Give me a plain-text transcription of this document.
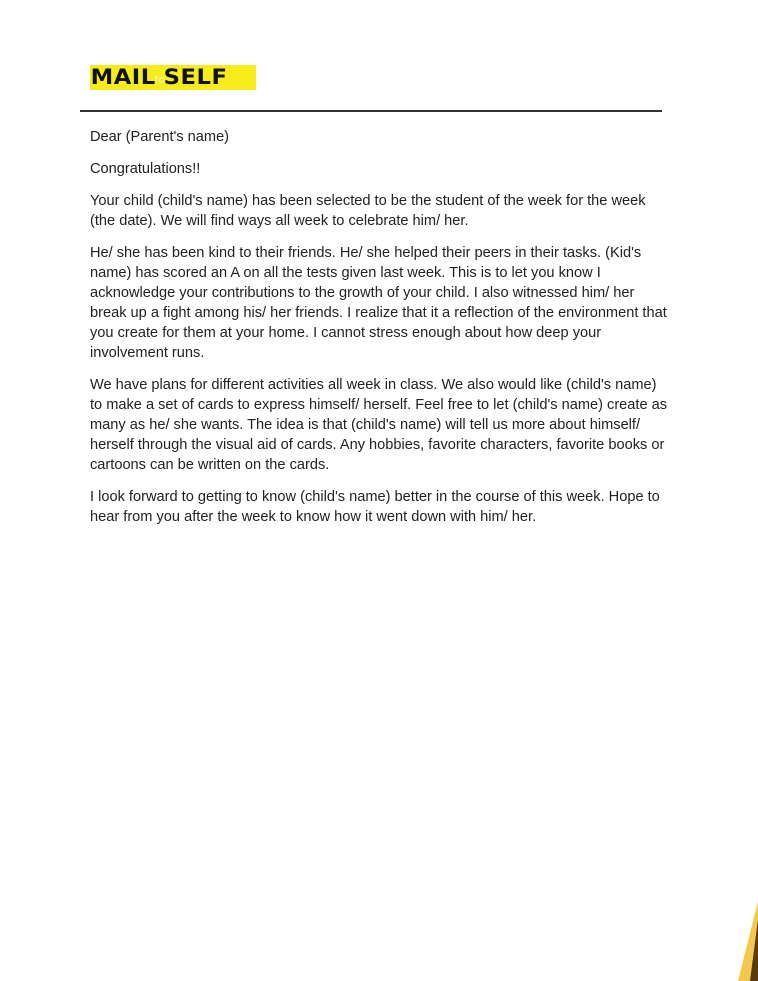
MAIL
to
SELF

Dear (Parent's name)

Congratulations!!

Your child (child's name) has been selected to be the student of the week for the week (the date). We will find ways all week to celebrate him/ her.

He/ she has been kind to their friends. He/ she helped their peers in their tasks. (Kid's name) has scored an A on all the tests given last week. This is to let you know I acknowledge your contributions to the growth of your child. I also witnessed him/ her break up a fight among his/ her friends. I realize that it a reflection of the environment that you create for them at your home. I cannot stress enough about how deep your involvement runs.

We have plans for different activities all week in class. We also would like (child's name) to make a set of cards to express himself/ herself. Feel free to let (child's name) create as many as he/ she wants. The idea is that (child's name) will tell us more about himself/ herself through the visual aid of cards. Any hobbies, favorite characters, favorite books or cartoons can be written on the cards.

I look forward to getting to know (child's name) better in the course of this week. Hope to hear from you after the week to know how it went down with him/ her.
